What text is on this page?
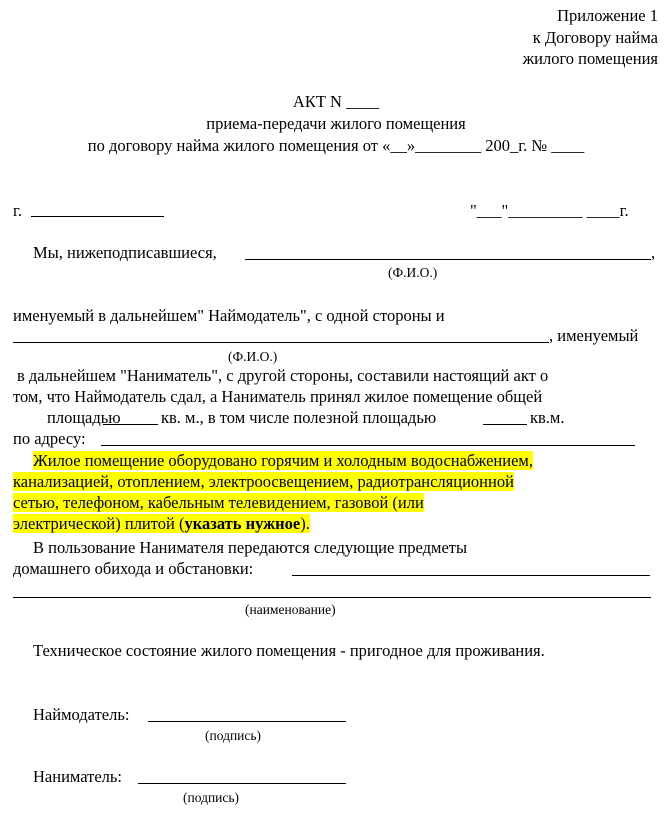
Приложение 1
к Договору найма
жилого помещения
АКТ N ____
приема-передачи жилого помещения
по договору найма жилого помещения от «__»________ 200_г. № ____
г.	"___"_________ ____г.
Мы, нижеподписавшиеся,	,
(Ф.И.О.)
именуемый в дальнейшем" Наймодатель", с одной стороны и
, именуемый
(Ф.И.О.)
в дальнейшем "Наниматель", с другой стороны, составили настоящий акт о
том, что Наймодатель сдал, а Наниматель принял жилое помещение общей
площадью кв. м., в том числе полезной площадью	кв.м.
по адресу:
Жилое помещение оборудовано горячим и холодным водоснабжением,
канализацией, отоплением, электроосвещением, радиотрансляционной
сетью, телефоном, кабельным телевидением, газовой (или
электрической) плитой (указать нужное).
В пользование Нанимателя передаются следующие предметы
домашнего обихода и обстановки:
(наименование)
Техническое состояние жилого помещения - пригодное для проживания.
Наймодатель:
(подпись)
Наниматель:
(подпись)
